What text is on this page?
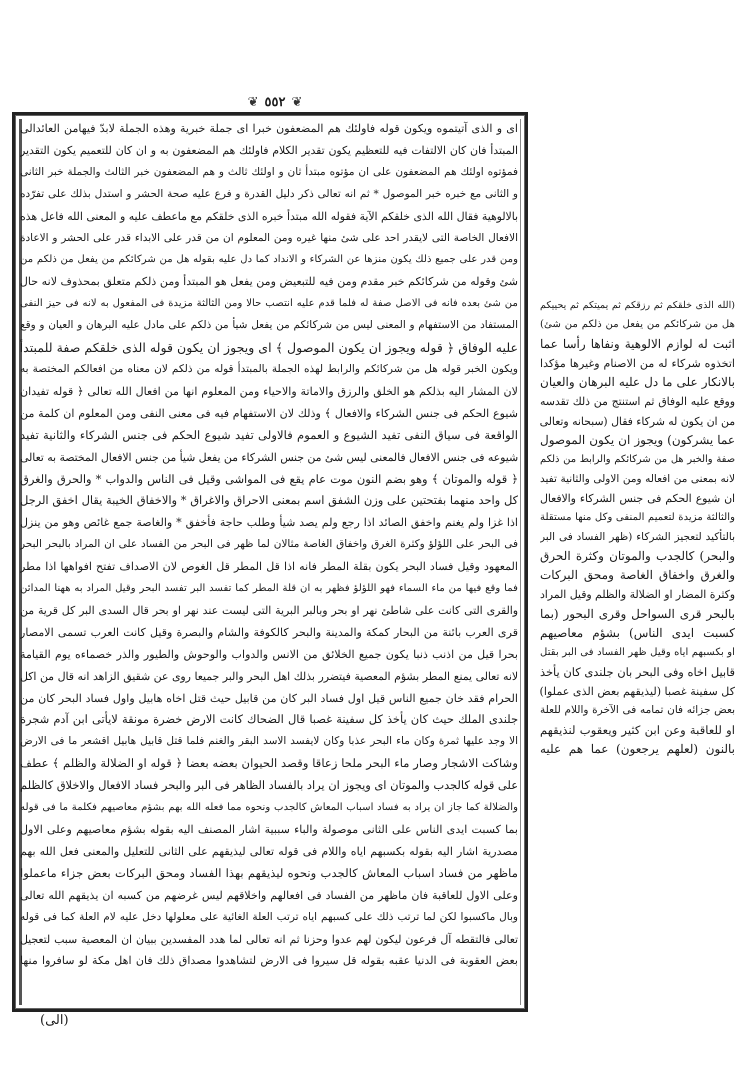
❦ ٥٥٢ ❦

اى و الذى آتيتموه ويكون قوله فاولئك هم المضعفون خبرا اى جملة خبرية وهذه الجملة لابدّ فيهامن العائدالى

المبتدأ فان كان الالتفات فيه للتعظيم يكون تقدير الكلام فاولئك هم المضعفون به و ان كان للتعميم يكون التقدير

فمؤتوه اولئك هم المضعفون على ان مؤتوه مبتدأ ثان و اولئك ثالث و هم المضعفون خبر الثالث والجملة خبر الثانى

و الثانى مع خبره خبر الموصول * ثم انه تعالى ذكر دليل القدرة و فرع عليه صحة الحشر و استدل بذلك على تفرّده

بالالوهية فقال الله الذى خلقكم الآية فقوله الله مبتدأ خبره الذى خلقكم مع ماعطف عليه و المعنى الله فاعل هذه

الافعال الخاصة التى لايقدر احد على شئ منها غيره ومن المعلوم ان من قدر على الابداء قدر على الحشر و الاعادة

ومن قدر على جميع ذلك يكون منزها عن الشركاء و الانداد كما دل عليه بقوله هل من شركائكم من يفعل من ذلكم من

شئ وقوله من شركائكم خبر مقدم ومن فيه للتبعيض ومن يفعل هو المبتدأ ومن ذلكم متعلق بمحذوف لانه حال

من شئ بعده فانه فى الاصل صفة له فلما قدم عليه انتصب حالا ومن الثالثة مزيدة فى المفعول به لانه فى حيز النفى

المستفاد من الاستفهام و المعنى ليس من شركائكم من يفعل شيأ من ذلكم على مادل عليه البرهان و العيان و وقع

عليه الوفاق ﴿ قوله ويجوز ان يكون الموصول ﴾ اى ويجوز ان يكون قوله الذى خلقكم صفة للمبتدأ

ويكون الخبر قوله هل من شركائكم والرابط لهذه الجملة بالمبتدأ قوله من ذلكم لان معناه من افعالكم المختصة به

لان المشار اليه بذلكم هو الخلق والرزق والاماتة والاحياء ومن المعلوم انها من افعال الله تعالى ﴿ قوله تفيدان

شيوع الحكم فى جنس الشركاء والافعال ﴾ وذلك لان الاستفهام فيه فى معنى النفى ومن المعلوم ان كلمة من

الواقعة فى سياق النفى تفيد الشيوع و العموم فالاولى تفيد شيوع الحكم فى جنس الشركاء والثانية تفيد

شيوعه فى جنس الافعال فالمعنى ليس شئ من جنس الشركاء من يفعل شيأ من جنس الافعال المختصة به تعالى

﴿ قوله والموتان ﴾ وهو بضم النون موت عام يقع فى المواشى وقيل فى الناس والدواب * والحرق والغرق

كل واحد منهما بفتحتين على وزن الشفق اسم بمعنى الاحراق والاغراق * والاخفاق الخيبة يقال اخفق الرجل

اذا غزا ولم يغنم واخفق الصائد اذا رجع ولم يصد شيأ وطلب حاجة فأخفق * والغاصة جمع غائص وهو من ينزل

فى البحر على اللؤلؤ وكثرة الغرق واخفاق الغاصة مثالان لما ظهر فى البحر من الفساد على ان المراد بالبحر البحر

المعهود وقيل فساد البحر يكون بقلة المطر فانه اذا قل المطر قل الغوص لان الاصداف تفتح افواهها اذا مطر

فما وقع فيها من ماء السماء فهو اللؤلؤ فظهر به ان قلة المطر كما تفسد البر تفسد البحر وقيل المراد به ههنا المدائن

والقرى التى كانت على شاطئ نهر او بحر وبالبر البرية التى ليست عند نهر او بحر قال السدى البر كل قرية من

قرى العرب بائنة من البحار كمكة والمدينة والبحر كالكوفة والشام والبصرة وقيل كانت العرب تسمى الامصار

بحرا قيل من اذنب ذنبا يكون جميع الخلائق من الانس والدواب والوحوش والطيور والذر خصماءه يوم القيامة

لانه تعالى يمنع المطر بشؤم المعصية فيتضرر بذلك اهل البحر والبر جميعا روى عن شقيق الزاهد انه قال من اكل

الحرام فقد خان جميع الناس قيل اول فساد البر كان من قابيل حيث قتل اخاه هابيل واول فساد البحر كان من

جلندى الملك حيث كان يأخذ كل سفينة غصبا قال الضحاك كانت الارض خضرة مونقة لايأتى ابن آدم شجرة

الا وجد عليها ثمرة وكان ماء البحر عذبا وكان لايفسد الاسد البقر والغنم فلما قتل قابيل هابيل اقشعر ما فى الارض

وشاكت الاشجار وصار ماء البحر ملحا زعاقا وقصد الحيوان بعضه بعضا ﴿ قوله او الضلالة والظلم ﴾ عطف

على قوله كالجدب والموتان اى ويجوز ان يراد بالفساد الظاهر فى البر والبحر فساد الافعال والاخلاق كالظلم

والضلالة كما جاز ان يراد به فساد اسباب المعاش كالجدب ونحوه مما فعله الله بهم بشؤم معاصيهم فكلمة ما فى قوله

بما كسبت ايدى الناس على الثانى موصولة والباء سببية اشار المصنف اليه بقوله بشؤم معاصيهم وعلى الاول

مصدرية اشار اليه بقوله بكسبهم اياه واللام فى قوله تعالى ليذيقهم على الثانى للتعليل والمعنى فعل الله بهم

ماظهر من فساد اسباب المعاش كالجدب ونحوه ليذيقهم بهذا الفساد ومحق البركات بعض جزاء ماعملوا

وعلى الاول للعاقبة فان ماظهر من الفساد فى افعالهم واخلاقهم ليس غرضهم من كسبه ان يذيقهم الله تعالى

وبال ماكسبوا لكن لما ترتب ذلك على كسبهم اياه ترتب العلة الغائية على معلولها دخل عليه لام العلة كما فى قوله

تعالى فالتقطه آل فرعون ليكون لهم عدوا وحزنا ثم انه تعالى لما هدد المفسدين ببيان ان المعصية سبب لتعجيل

بعض العقوبة فى الدنيا عقبه بقوله قل سيروا فى الارض لتشاهدوا مصداق ذلك فان اهل مكة لو سافروا منها

(الله الذى خلقكم ثم رزقكم ثم يميتكم ثم يحييكم

هل من شركائكم من يفعل من ذلكم من شئ)

اثبت له لوازم الالوهية ونفاها رأسا عما

اتخذوه شركاء له من الاصنام وغيرها مؤكدا

بالانكار على ما دل عليه البرهان والعيان

ووقع عليه الوفاق ثم استنتج من ذلك تقدسه

من ان يكون له شركاء فقال (سبحانه وتعالى

عما يشركون) ويجوز ان يكون الموصول

صفة والخبر هل من شركائكم والرابط من ذلكم

لانه بمعنى من افعاله ومن الاولى والثانية تفيد

ان شيوع الحكم فى جنس الشركاء والافعال

والثالثة مزيدة لتعميم المنفى وكل منها مستقلة

بالتأكيد لتعجيز الشركاء (ظهر الفساد فى البر

والبحر) كالجدب والموتان وكثرة الحرق

والغرق واخفاق الغاصة ومحق البركات

وكثرة المضار او الضلالة والظلم وقيل المراد

بالبحر قرى السواحل وقرى البحور (بما

كسبت ايدى الناس) بشؤم معاصيهم

او بكسبهم اياه وقيل ظهر الفساد فى البر بقتل

قابيل اخاه وفى البحر بان جلندى كان يأخذ

كل سفينة غصبا (ليذيقهم بعض الذى عملوا)

بعض جزائه فان تمامه فى الآخرة واللام للعلة

او للعاقبة وعن ابن كثير ويعقوب لنذيقهم

بالنون (لعلهم يرجعون) عما هم عليه

(الى)
